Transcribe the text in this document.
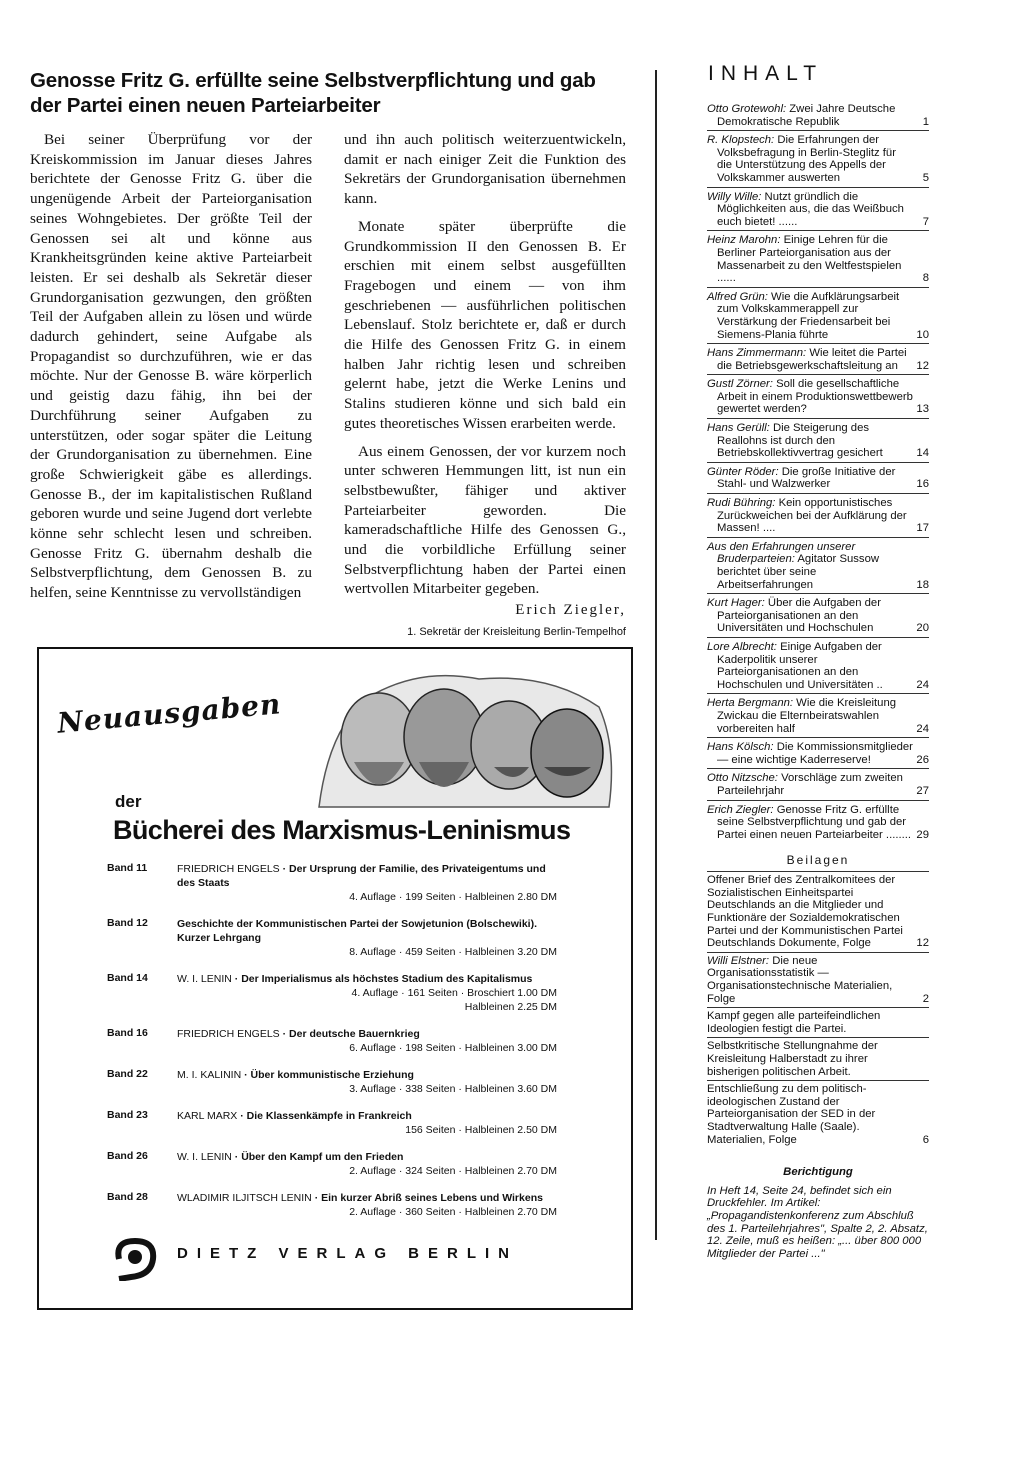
Genosse Fritz G. erfüllte seine Selbstverpflichtung und gab der Partei einen neuen Parteiarbeiter

Bei seiner Überprüfung vor der Kreiskommission im Januar dieses Jahres berichtete der Genosse Fritz G. über die ungenügende Arbeit der Parteiorganisation seines Wohngebietes. Der größte Teil der Genossen sei alt und könne aus Krankheitsgründen keine aktive Parteiarbeit leisten. Er sei deshalb als Sekretär dieser Grundorganisation gezwungen, den größten Teil der Aufgaben allein zu lösen und würde dadurch gehindert, seine Aufgabe als Propagandist so durchzuführen, wie er das möchte. Nur der Genosse B. wäre körperlich und geistig dazu fähig, ihn bei der Durchführung seiner Aufgaben zu unterstützen, oder sogar später die Leitung der Grundorganisation zu übernehmen. Eine große Schwierigkeit gäbe es allerdings. Genosse B., der im kapitalistischen Rußland geboren wurde und seine Jugend dort verlebte könne sehr schlecht lesen und schreiben. Genosse Fritz G. übernahm deshalb die Selbstverpflichtung, dem Genossen B. zu helfen, seine Kenntnisse zu vervollständigen

und ihn auch politisch weiterzuentwickeln, damit er nach einiger Zeit die Funktion des Sekretärs der Grundorganisation übernehmen kann.

Monate später überprüfte die Grundkommission II den Genossen B. Er erschien mit einem selbst ausgefüllten Fragebogen und einem — von ihm geschriebenen — ausführlichen politischen Lebenslauf. Stolz berichtete er, daß er durch die Hilfe des Genossen Fritz G. in einem halben Jahr richtig lesen und schreiben gelernt habe, jetzt die Werke Lenins und Stalins studieren könne und sich bald ein gutes theoretisches Wissen erarbeiten werde.

Aus einem Genossen, der vor kurzem noch unter schweren Hemmungen litt, ist nun ein selbstbewußter, fähiger und aktiver Parteiarbeiter geworden. Die kameradschaftliche Hilfe des Genossen G., und die vorbildliche Erfüllung seiner Selbstverpflichtung haben der Partei einen wertvollen Mitarbeiter gegeben.

Erich Ziegler,
1. Sekretär der Kreisleitung Berlin-Tempelhof
Neuausgaben
der
Bücherei des Marxismus-Leninismus
Band 11	FRIEDRICH ENGELS · Der Ursprung der Familie, des Privateigentums und des Staats
4. Auflage · 199 Seiten · Halbleinen 2.80 DM
Band 12	Geschichte der Kommunistischen Partei der Sowjetunion (Bolschewiki). Kurzer Lehrgang
8. Auflage · 459 Seiten · Halbleinen 3.20 DM
Band 14	W. I. LENIN · Der Imperialismus als höchstes Stadium des Kapitalismus
4. Auflage · 161 Seiten · Broschiert 1.00 DM
Halbleinen 2.25 DM
Band 16	FRIEDRICH ENGELS · Der deutsche Bauernkrieg
6. Auflage · 198 Seiten · Halbleinen 3.00 DM
Band 22	M. I. KALININ · Über kommunistische Erziehung
3. Auflage · 338 Seiten · Halbleinen 3.60 DM
Band 23	KARL MARX · Die Klassenkämpfe in Frankreich
156 Seiten · Halbleinen 2.50 DM
Band 26	W. I. LENIN · Über den Kampf um den Frieden
2. Auflage · 324 Seiten · Halbleinen 2.70 DM
Band 28	WLADIMIR ILJITSCH LENIN · Ein kurzer Abriß seines Lebens und Wirkens
2. Auflage · 360 Seiten · Halbleinen 2.70 DM
DIETZ VERLAG BERLIN
INHALT
Otto Grotewohl: Zwei Jahre Deutsche Demokratische Republik	1
R. Klopstech: Die Erfahrungen der Volksbefragung in Berlin-Steglitz für die Unterstützung des Appells der Volkskammer auswerten	5
Willy Wille: Nutzt gründlich die Möglichkeiten aus, die das Weißbuch euch bietet! ......	7
Heinz Marohn: Einige Lehren für die Berliner Parteiorganisation aus der Massenarbeit zu den Weltfestspielen ......	8
Alfred Grün: Wie die Aufklärungsarbeit zum Volkskammerappell zur Verstärkung der Friedensarbeit bei Siemens-Plania führte	10
Hans Zimmermann: Wie leitet die Partei die Betriebsgewerkschaftsleitung an	12
Gustl Zörner: Soll die gesellschaftliche Arbeit in einem Produktionswettbewerb gewertet werden?	13
Hans Gerüll: Die Steigerung des Reallohns ist durch den Betriebskollektivvertrag gesichert	14
Günter Röder: Die große Initiative der Stahl- und Walzwerker	16
Rudi Bühring: Kein opportunistisches Zurückweichen bei der Aufklärung der Massen! ....	17
Aus den Erfahrungen unserer Bruderparteien: Agitator Sussow berichtet über seine Arbeitserfahrungen	18
Kurt Hager: Über die Aufgaben der Parteiorganisationen an den Universitäten und Hochschulen	20
Lore Albrecht: Einige Aufgaben der Kaderpolitik unserer Parteiorganisationen an den Hochschulen und Universitäten ..	24
Herta Bergmann: Wie die Kreisleitung Zwickau die Elternbeiratswahlen vorbereiten half	24
Hans Kölsch: Die Kommissionsmitglieder — eine wichtige Kaderreserve!	26
Otto Nitzsche: Vorschläge zum zweiten Parteilehrjahr	27
Erich Ziegler: Genosse Fritz G. erfüllte seine Selbstverpflichtung und gab der Partei einen neuen Parteiarbeiter ........ 29
Beilagen
Offener Brief des Zentralkomitees der Sozialistischen Einheitspartei Deutschlands an die Mitglieder und Funktionäre der Sozialdemokratischen Partei und der Kommunistischen Partei Deutschlands Dokumente, Folge	12
Willi Elstner: Die neue Organisationsstatistik — Organisationstechnische Materialien, Folge	2
Kampf gegen alle parteifeindlichen Ideologien festigt die Partei.
Selbstkritische Stellungnahme der Kreisleitung Halberstadt zu ihrer bisherigen politischen Arbeit.
Entschließung zu dem politisch-ideologischen Zustand der Parteiorganisation der SED in der Stadtverwaltung Halle (Saale). Materialien, Folge	6
Berichtigung
In Heft 14, Seite 24, befindet sich ein Druckfehler. Im Artikel: „Propagandistenkonferenz zum Abschluß des 1. Parteilehrjahres", Spalte 2, 2. Absatz, 12. Zeile, muß es heißen: „... über 800 000 Mitglieder der Partei ..."
